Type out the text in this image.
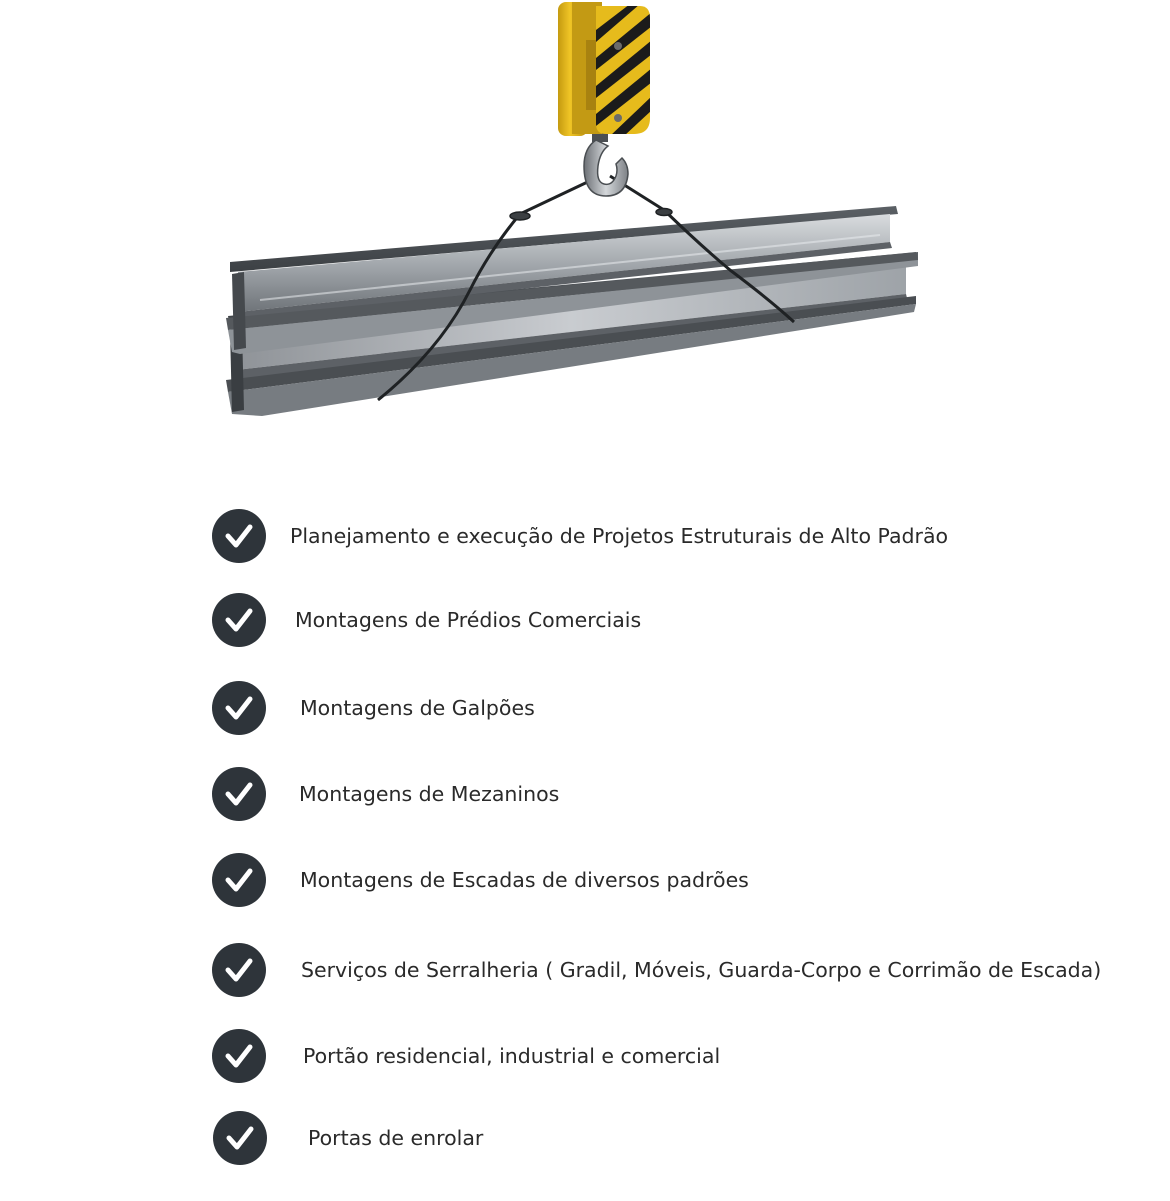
Planejamento e execução de Projetos Estruturais de Alto Padrão
Montagens de Prédios Comerciais
Montagens de Galpões
Montagens de Mezaninos
Montagens de Escadas de diversos padrões
Serviços de Serralheria ( Gradil, Móveis, Guarda-Corpo e Corrimão de Escada)
Portão residencial, industrial e comercial
Portas de enrolar
